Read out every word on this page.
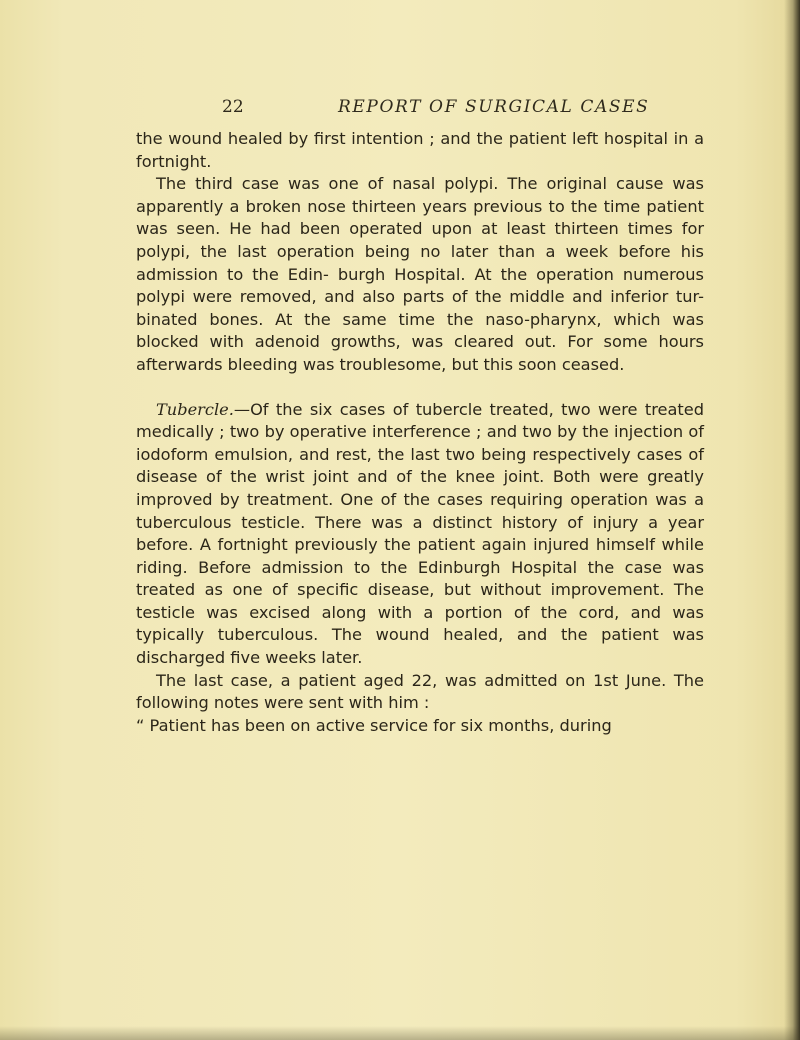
22	REPORT OF SURGICAL CASES

the wound healed by first intention ; and the patient left hospital in a fortnight.

The third case was one of nasal polypi. The original cause was apparently a broken nose thirteen years previous to the time patient was seen. He had been operated upon at least thirteen times for polypi, the last operation being no later than a week before his admission to the Edin- burgh Hospital. At the operation numerous polypi were removed, and also parts of the middle and inferior tur- binated bones. At the same time the naso-pharynx, which was blocked with adenoid growths, was cleared out. For some hours afterwards bleeding was troublesome, but this soon ceased.

Tubercle.—Of the six cases of tubercle treated, two were treated medically ; two by operative interference ; and two by the injection of iodoform emulsion, and rest, the last two being respectively cases of disease of the wrist joint and of the knee joint. Both were greatly improved by treatment. One of the cases requiring operation was a tuberculous testicle. There was a distinct history of injury a year before. A fortnight previously the patient again injured himself while riding. Before admission to the Edinburgh Hospital the case was treated as one of specific disease, but without improvement. The testicle was excised along with a portion of the cord, and was typically tuberculous. The wound healed, and the patient was discharged five weeks later.

The last case, a patient aged 22, was admitted on 1st June. The following notes were sent with him :

“ Patient has been on active service for six months, during
